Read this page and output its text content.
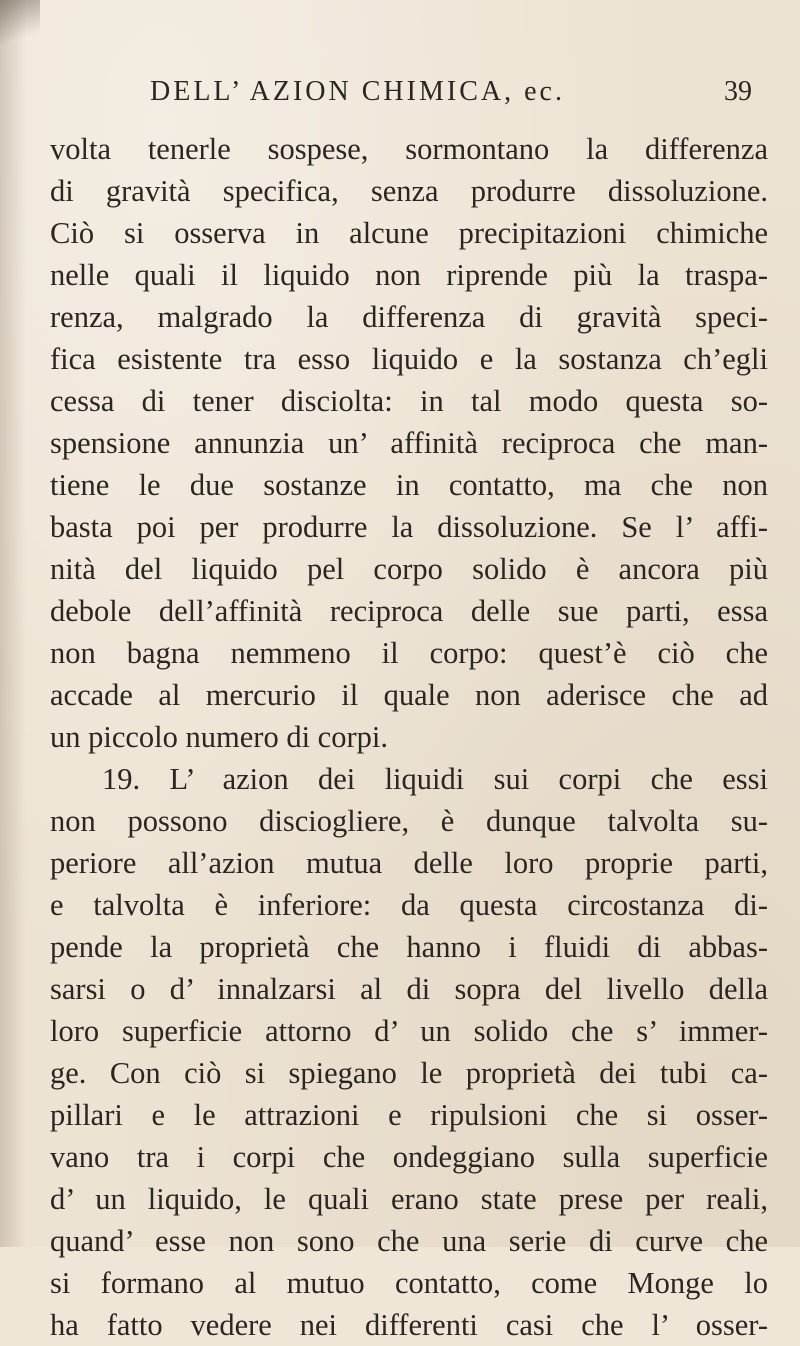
DELL’ AZION CHIMICA, ec.	39
volta tenerle sospese, sormontano la differenza
di gravità specifica, senza produrre dissoluzione.
Ciò si osserva in alcune precipitazioni chimiche
nelle quali il liquido non riprende più la traspa-
renza, malgrado la differenza di gravità speci-
fica esistente tra esso liquido e la sostanza ch’egli
cessa di tener disciolta: in tal modo questa so-
spensione annunzia un’ affinità reciproca che man-
tiene le due sostanze in contatto, ma che non
basta poi per produrre la dissoluzione. Se l’ affi-
nità del liquido pel corpo solido è ancora più
debole dell’affinità reciproca delle sue parti, essa
non bagna nemmeno il corpo: quest’è ciò che
accade al mercurio il quale non aderisce che ad
un piccolo numero di corpi.
19. L’ azion dei liquidi sui corpi che essi
non possono disciogliere, è dunque talvolta su-
periore all’azion mutua delle loro proprie parti,
e talvolta è inferiore: da questa circostanza di-
pende la proprietà che hanno i fluidi di abbas-
sarsi o d’ innalzarsi al di sopra del livello della
loro superficie attorno d’ un solido che s’ immer-
ge. Con ciò si spiegano le proprietà dei tubi ca-
pillari e le attrazioni e ripulsioni che si osser-
vano tra i corpi che ondeggiano sulla superficie
d’ un liquido, le quali erano state prese per reali,
quand’ esse non sono che una serie di curve che
si formano al mutuo contatto, come Monge lo
ha fatto vedere nei differenti casi che l’ osser-
